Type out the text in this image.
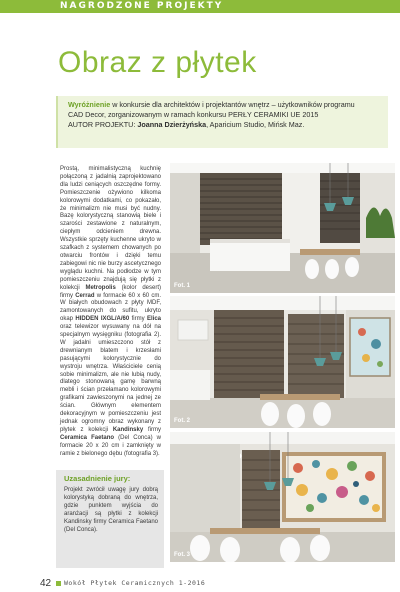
NAGRODZONE PROJEKTY
Obraz z płytek
Wyróżnienie w konkursie dla architektów i projektantów wnętrz – użytkowników programu
CAD Decor, zorganizowanym w ramach konkursu PERŁY CERAMIKI UE 2015
AUTOR PROJEKTU: Joanna Dzierżyńska, Aparicium Studio, Mińsk Maz.
Prostą, minimalistyczną kuchnię połączoną z jadalnią zaprojektowano dla ludzi ceniących oszczędne formy. Pomieszczenie ożywiono kilkoma kolorowymi dodatkami, co pokazało, że minimalizm nie musi być nudny. Bazę kolorystyczną stanowią biele i szarości zestawione z naturalnym, ciepłym odcieniem drewna. Wszystkie sprzęty kuchenne ukryto w szafkach z systemem chowanych po otwarciu frontów i dzięki temu zabiegowi nic nie burzy ascetycznego wyglądu kuchni. Na podłodze w tym pomieszczeniu znajdują się płytki z kolekcji Metropolis (kolor desert) firmy Cerrad w formacie 60 x 60 cm. W białych obudowach z płyty MDF, zamontowanych do sufitu, ukryto okap HIDDEN IXGL/A/60 firmy Elica oraz telewizor wysuwany na dół na specjalnym wysięgniku (fotografia 2). W jadalni umieszczono stół z drewnianym blatem i krzesłami pasującymi kolorystycznie do wystroju wnętrza. Właściciele cenią sobie minimalizm, ale nie lubią nudy, dlatego stonowaną gamę barwną mebli i ścian przełamano kolorowymi grafikami zawieszonymi na jednej ze ścian. Głównym elementem dekoracyjnym w pomieszczeniu jest jednak ogromny obraz wykonany z płytek z kolekcji Kandinsky firmy Ceramica Faetano (Del Conca) w formacie 20 x 20 cm i zamknięty w ramie z bielonego dębu (fotografia 3).
Uzasadnienie jury:
Projekt zwrócił uwagę jury dobrą kolorystyką dobraną do wnętrza, gdzie punktem wyjścia do aranżacji są płytki z kolekcji Kandinsky firmy Ceramica Faetano (Del Conca).
Fot. 1
Fot. 2
Fot. 3
42 Wokół Płytek Ceramicznych 1-2016
